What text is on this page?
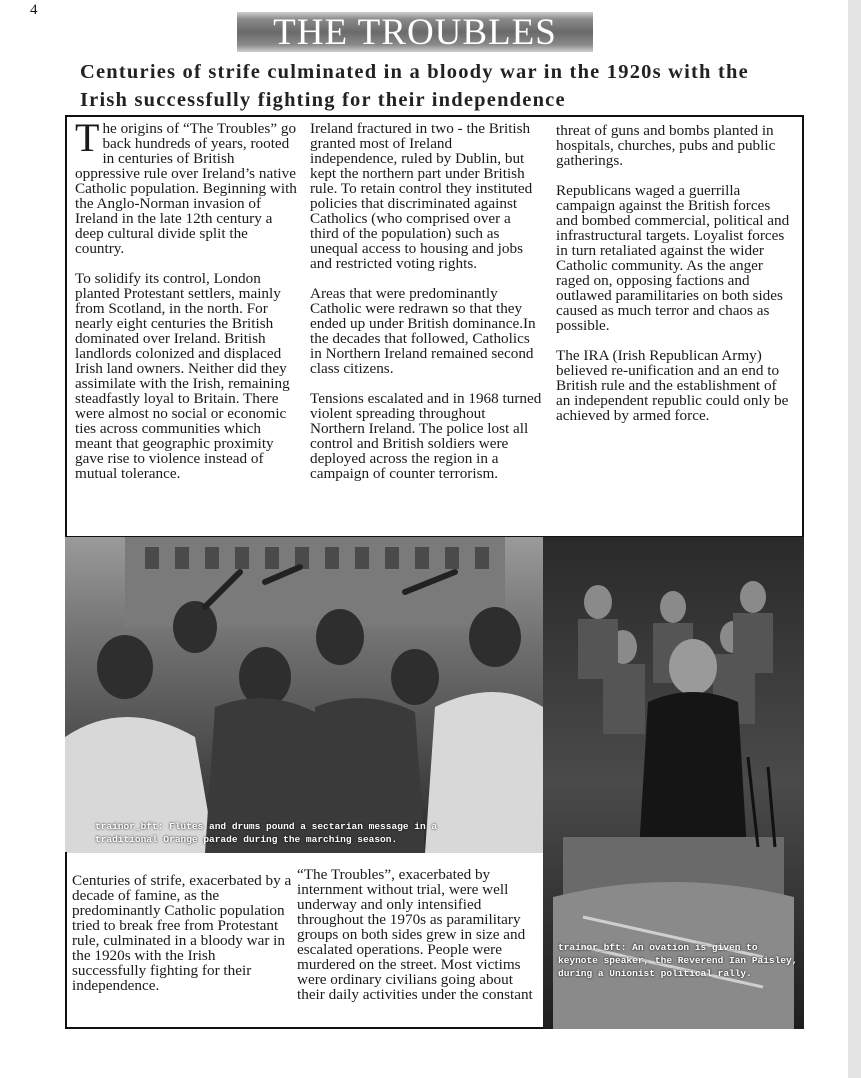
4
THE TROUBLES
Centuries of strife culminated in a bloody war in the 1920s with the Irish successfully fighting for their independence

The origins of “The Troubles” go back hundreds of years, rooted in centuries of British oppressive rule over Ireland’s native Catholic population. Beginning with the Anglo-Norman invasion of Ireland in the late 12th century a deep cultural divide split the country.

To solidify its control, London planted Protestant settlers, mainly from Scotland, in the north. For nearly eight centuries the British dominated over Ireland. British landlords colonized and displaced Irish land owners. Neither did they assimilate with the Irish, remaining steadfastly loyal to Britain. There were almost no social or economic ties across communities which meant that geographic proximity gave rise to violence instead of mutual tolerance.

Ireland fractured in two - the British granted most of Ireland independence, ruled by Dublin, but kept the northern part under British rule. To retain control they instituted policies that discriminated against Catholics (who comprised over a third of the population) such as unequal access to housing and jobs and restricted voting rights.

Areas that were predominantly Catholic were redrawn so that they ended up under British dominance.In the decades that followed, Catholics in Northern Ireland remained second class citizens.

Tensions escalated and in 1968 turned violent spreading throughout Northern Ireland. The police lost all control and British soldiers were deployed across the region in a campaign of counter terrorism.

threat of guns and bombs planted in hospitals, churches, pubs and public gatherings.

Republicans waged a guerrilla campaign against the British forces and bombed commercial, political and infrastructural targets. Loyalist forces in turn retaliated against the wider Catholic community. As the anger raged on, opposing factions and outlawed paramilitaries on both sides caused as much terror and chaos as possible.

The IRA (Irish Republican Army) believed re-unification and an end to British rule and the establishment of an independent republic could only be achieved by armed force.

trainor_bft: Flutes and drums pound a sectarian message in a traditional Orange parade during the marching season.
trainor_bft: An ovation is given to keynote speaker, the Reverend Ian Paisley, during a Unionist political rally.

Centuries of strife, exacerbated by a decade of famine, as the predominantly Catholic population tried to break free from Protestant rule, culminated in a bloody war in the 1920s with the Irish successfully fighting for their independence.

“The Troubles”, exacerbated by internment without trial, were well underway and only intensified throughout the 1970s as paramilitary groups on both sides grew in size and escalated operations. People were murdered on the street. Most victims were ordinary civilians going about their daily activities under the constant
